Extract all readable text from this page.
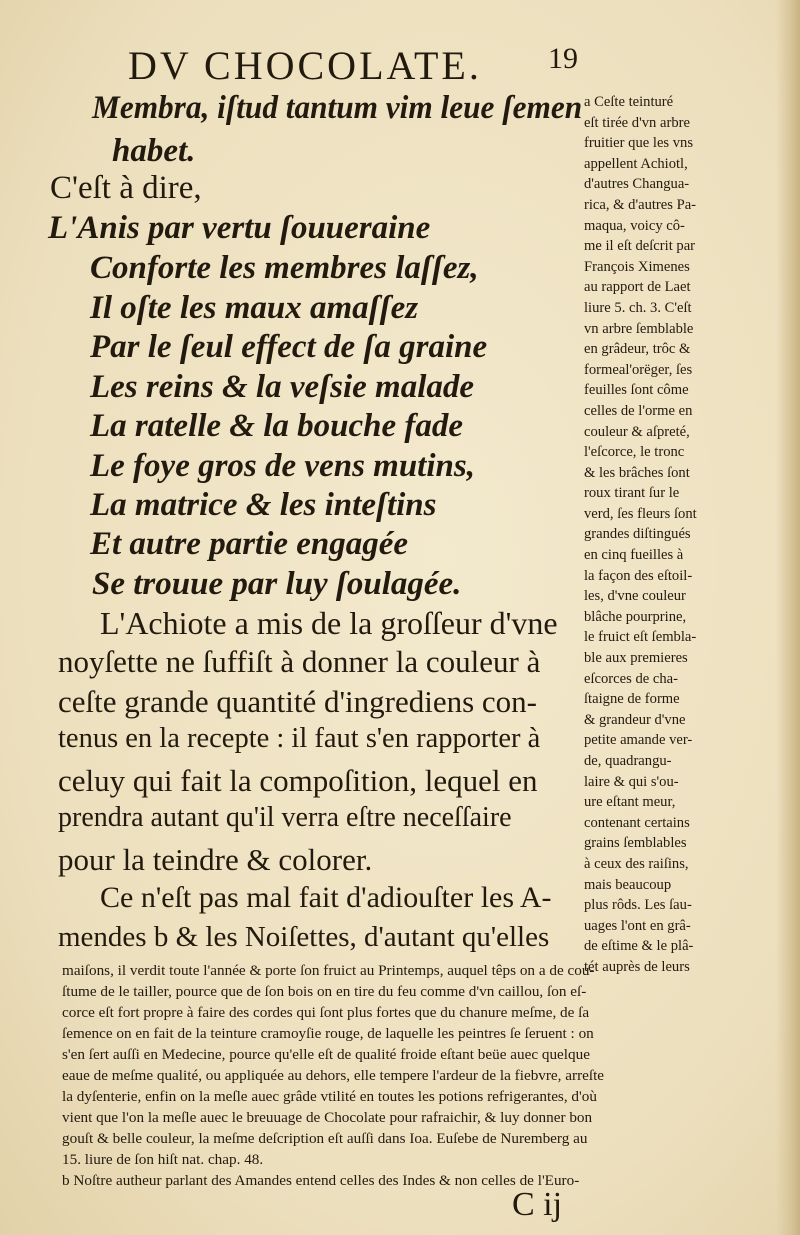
DV CHOCOLATE. 19
Membra, iſtud tantum vim leue ſemen
habet.
C'eſt à dire,
L'Anis par vertu ſouueraine
Conforte les membres laſſez,
Il oſte les maux amaſſez
Par le ſeul effect de ſa graine
Les reins & la veſsie malade
La ratelle & la bouche fade
Le foye gros de vens mutins,
La matrice & les inteſtins
Et autre partie engagée
Se trouue par luy ſoulagée.
L'Achiote a mis de la groſſeur d'vne
noyſette ne ſuffiſt à donner la couleur à
ceſte grande quantité d'ingrediens con-
tenus en la recepte : il faut s'en rapporter à
celuy qui fait la compoſition, lequel en
prendra autant qu'il verra eſtre neceſſaire
pour la teindre & colorer.
Ce n'eſt pas mal fait d'adiouſter les A-
mendes b & les Noiſettes, d'autant qu'elles
a Ceſte teinturé
eſt tirée d'vn arbre
fruitier que les vns
appellent Achiotl,
d'autres Changua-
rica, & d'autres Pa-
maqua, voicy cô-
me il eſt deſcrit par
François Ximenes
au rapport de Laet
liure 5. ch. 3. C'eſt
vn arbre ſemblable
en grâdeur, trôc &
formeal'orëger, ſes
feuilles ſont côme
celles de l'orme en
couleur & aſpreté,
l'eſcorce, le tronc
& les brâches ſont
roux tirant ſur le
verd, ſes fleurs ſont
grandes diſtingués
en cinq fueilles à
la façon des eſtoil-
les, d'vne couleur
blâche pourprine,
le fruict eſt ſembla-
ble aux premieres
eſcorces de cha-
ſtaigne de forme
& grandeur d'vne
petite amande ver-
de, quadrangu-
laire & qui s'ou-
ure eſtant meur,
contenant certains
grains ſemblables
à ceux des raiſins,
mais beaucoup
plus rôds. Les ſau-
uages l'ont en grâ-
de eſtime & le plâ-
tét auprès de leurs
maiſons, il verdit toute l'année & porte ſon fruict au Printemps, auquel têps on a de cou-
ſtume de le tailler, pource que de ſon bois on en tire du feu comme d'vn caillou, ſon eſ-
corce eſt fort propre à faire des cordes qui ſont plus fortes que du chanure meſme, de ſa
ſemence on en fait de la teinture cramoyſie rouge, de laquelle les peintres ſe ſeruent : on
s'en ſert auſſi en Medecine, pource qu'elle eſt de qualité froide eſtant beüe auec quelque
eaue de meſme qualité, ou appliquée au dehors, elle tempere l'ardeur de la fiebvre, arreſte
la dyſenterie, enfin on la meſle auec grâde vtilité en toutes les potions refrigerantes, d'où
vient que l'on la meſle auec le breuuage de Chocolate pour rafraichir, & luy donner bon
gouſt & belle couleur, la meſme deſcription eſt auſſi dans Ioa. Euſebe de Nuremberg au
15. liure de ſon hiſt nat. chap. 48.
b Noſtre autheur parlant des Amandes entend celles des Indes & non celles de l'Euro-
C ij
